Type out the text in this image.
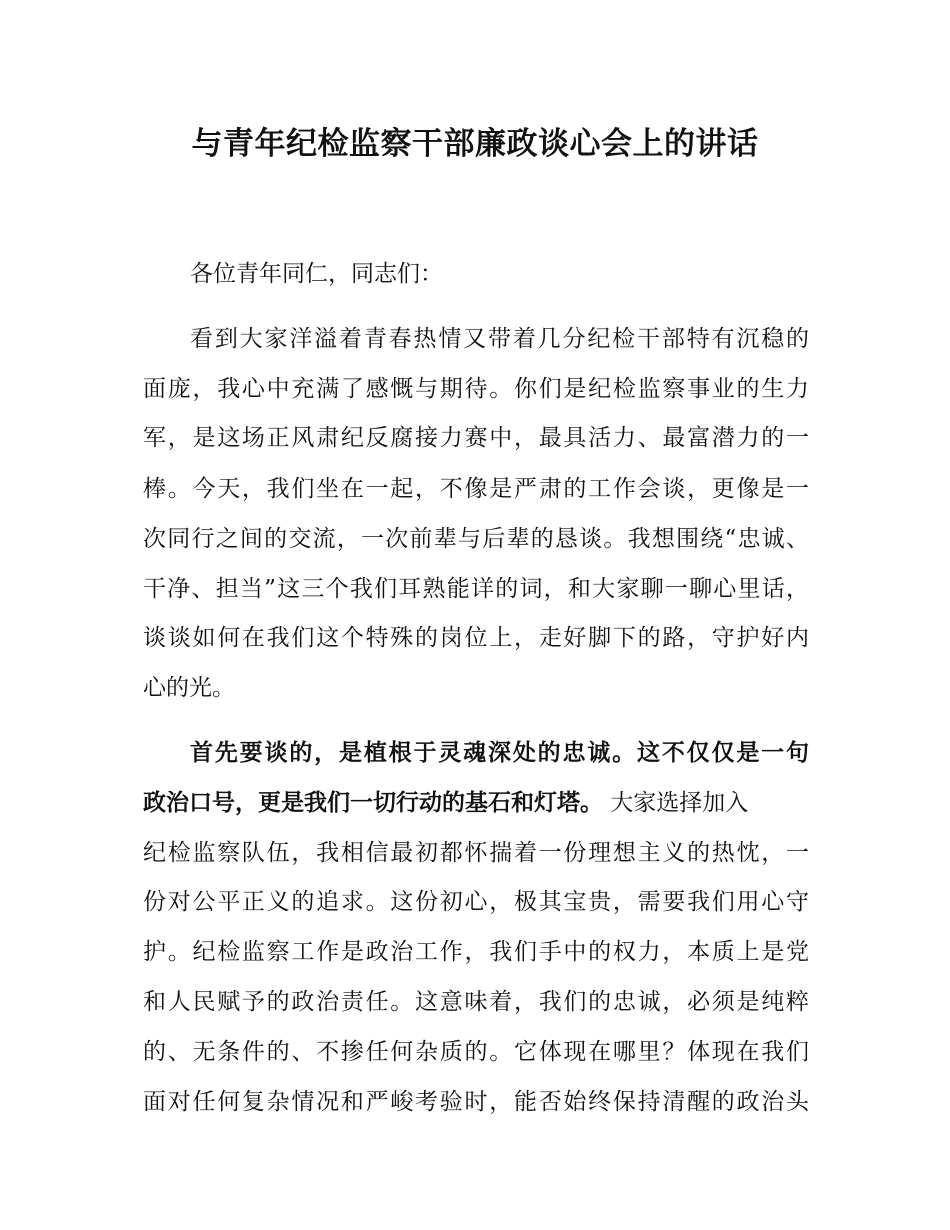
与青年纪检监察干部廉政谈心会上的讲话
各位青年同仁，同志们：
看到大家洋溢着青春热情又带着几分纪检干部特有沉稳的
面庞，我心中充满了感慨与期待。你们是纪检监察事业的生力
军，是这场正风肃纪反腐接力赛中，最具活力、最富潜力的一
棒。今天，我们坐在一起，不像是严肃的工作会谈，更像是一
次同行之间的交流，一次前辈与后辈的恳谈。我想围绕“忠诚、
干净、担当”这三个我们耳熟能详的词，和大家聊一聊心里话，
谈谈如何在我们这个特殊的岗位上，走好脚下的路，守护好内
心的光。
首先要谈的，是植根于灵魂深处的忠诚。这不仅仅是一句
政治口号，更是我们一切行动的基石和灯塔。 大家选择加入
纪检监察队伍，我相信最初都怀揣着一份理想主义的热忱，一
份对公平正义的追求。这份初心，极其宝贵，需要我们用心守
护。纪检监察工作是政治工作，我们手中的权力，本质上是党
和人民赋予的政治责任。这意味着，我们的忠诚，必须是纯粹
的、无条件的、不掺任何杂质的。它体现在哪里？体现在我们
面对任何复杂情况和严峻考验时，能否始终保持清醒的政治头
